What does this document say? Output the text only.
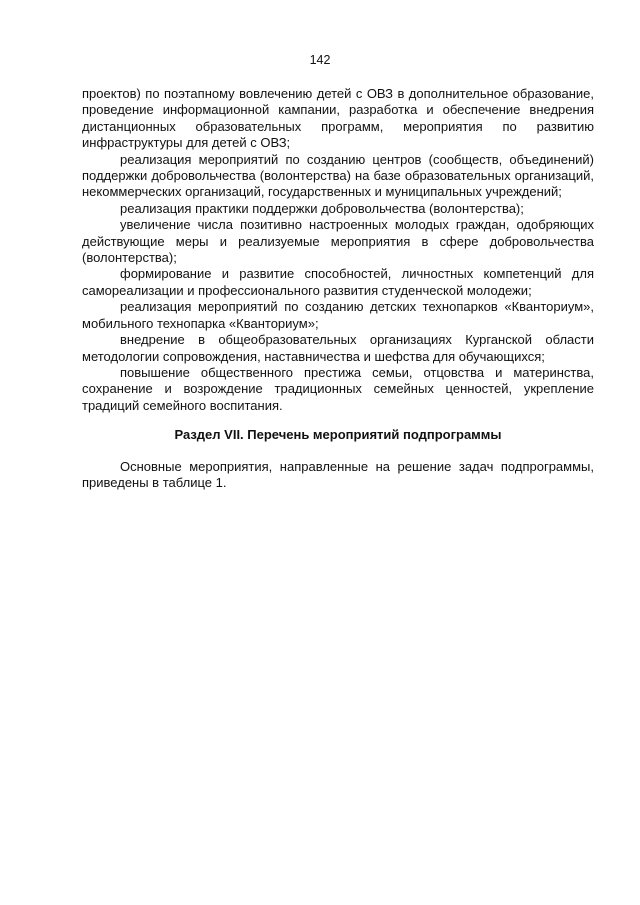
142

проектов) по поэтапному вовлечению детей с ОВЗ в дополнительное образование, проведение информационной кампании, разработка и обеспечение внедрения дистанционных образовательных программ, мероприятия по развитию инфраструктуры для детей с ОВЗ;

реализация мероприятий по созданию центров (сообществ, объединений) поддержки добровольчества (волонтерства) на базе образовательных организаций, некоммерческих организаций, государственных и муниципальных учреждений;

реализация практики поддержки добровольчества (волонтерства);

увеличение числа позитивно настроенных молодых граждан, одобряющих действующие меры и реализуемые мероприятия в сфере добровольчества (волонтерства);

формирование и развитие способностей, личностных компетенций для самореализации и профессионального развития студенческой молодежи;

реализация мероприятий по созданию детских технопарков «Кванториум», мобильного технопарка «Кванториум»;

внедрение в общеобразовательных организациях Курганской области методологии сопровождения, наставничества и шефства для обучающихся;

повышение общественного престижа семьи, отцовства и материнства, сохранение и возрождение традиционных семейных ценностей, укрепление традиций семейного воспитания.

Раздел VII. Перечень мероприятий подпрограммы

Основные мероприятия, направленные на решение задач подпрограммы, приведены в таблице 1.
